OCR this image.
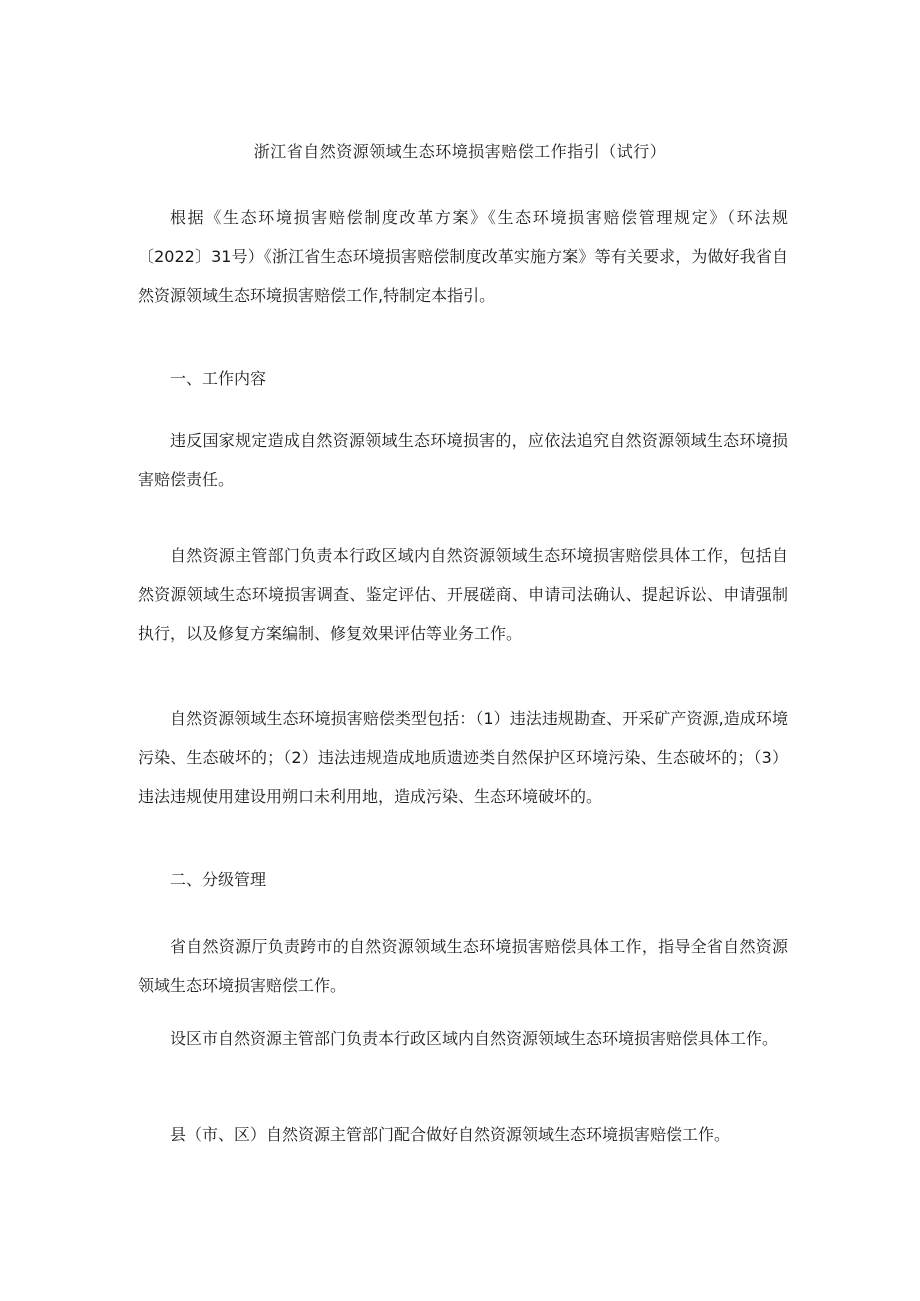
浙江省自然资源领域生态环境损害赔偿工作指引（试行）

根据《生态环境损害赔偿制度改革方案》《生态环境损害赔偿管理规定》（环法规〔2022〕31号）《浙江省生态环境损害赔偿制度改革实施方案》等有关要求，为做好我省自然资源领域生态环境损害赔偿工作,特制定本指引。

一、工作内容

违反国家规定造成自然资源领域生态环境损害的，应依法追究自然资源领域生态环境损害赔偿责任。

自然资源主管部门负责本行政区域内自然资源领域生态环境损害赔偿具体工作，包括自然资源领域生态环境损害调查、鉴定评估、开展磋商、申请司法确认、提起诉讼、申请强制执行，以及修复方案编制、修复效果评估等业务工作。

自然资源领域生态环境损害赔偿类型包括：（1）违法违规勘查、开采矿产资源,造成环境污染、生态破坏的；（2）违法违规造成地质遗迹类自然保护区环境污染、生态破坏的；（3）违法违规使用建设用朔口未利用地，造成污染、生态环境破坏的。

二、分级管理

省自然资源厅负责跨市的自然资源领域生态环境损害赔偿具体工作，指导全省自然资源领域生态环境损害赔偿工作。

设区市自然资源主管部门负责本行政区域内自然资源领域生态环境损害赔偿具体工作。

县（市、区）自然资源主管部门配合做好自然资源领域生态环境损害赔偿工作。
